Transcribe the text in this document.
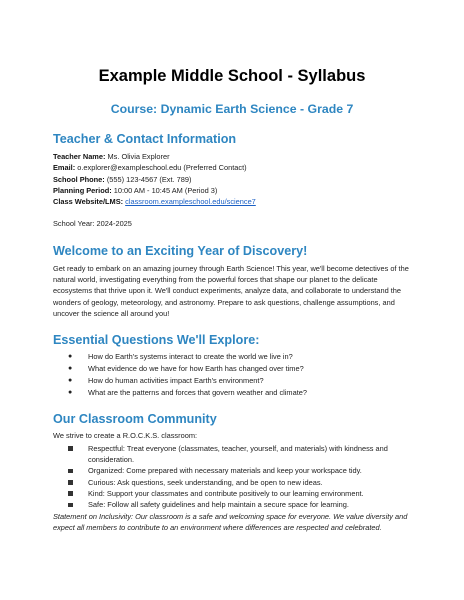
Example Middle School - Syllabus
Course: Dynamic Earth Science - Grade 7
Teacher & Contact Information
Teacher Name: Ms. Olivia Explorer
Email: o.explorer@exampleschool.edu (Preferred Contact)
School Phone: (555) 123-4567 (Ext. 789)
Planning Period: 10:00 AM - 10:45 AM (Period 3)
Class Website/LMS: classroom.exampleschool.edu/science7
School Year: 2024-2025
Welcome to an Exciting Year of Discovery!

Get ready to embark on an amazing journey through Earth Science! This year, we'll become detectives of the natural world, investigating everything from the powerful forces that shape our planet to the delicate ecosystems that thrive upon it. We'll conduct experiments, analyze data, and collaborate to understand the wonders of geology, meteorology, and astronomy. Prepare to ask questions, challenge assumptions, and uncover the science all around you!

Essential Questions We'll Explore:
● How do Earth's systems interact to create the world we live in?
● What evidence do we have for how Earth has changed over time?
● How do human activities impact Earth's environment?
● What are the patterns and forces that govern weather and climate?
Our Classroom Community
We strive to create a R.O.C.K.S. classroom:
Respectful: Treat everyone (classmates, teacher, yourself, and materials) with kindness and consideration.
Organized: Come prepared with necessary materials and keep your workspace tidy.
Curious: Ask questions, seek understanding, and be open to new ideas.
Kind: Support your classmates and contribute positively to our learning environment.
Safe: Follow all safety guidelines and help maintain a secure space for learning.
Statement on Inclusivity: Our classroom is a safe and welcoming space for everyone. We value diversity and expect all members to contribute to an environment where differences are respected and celebrated.
